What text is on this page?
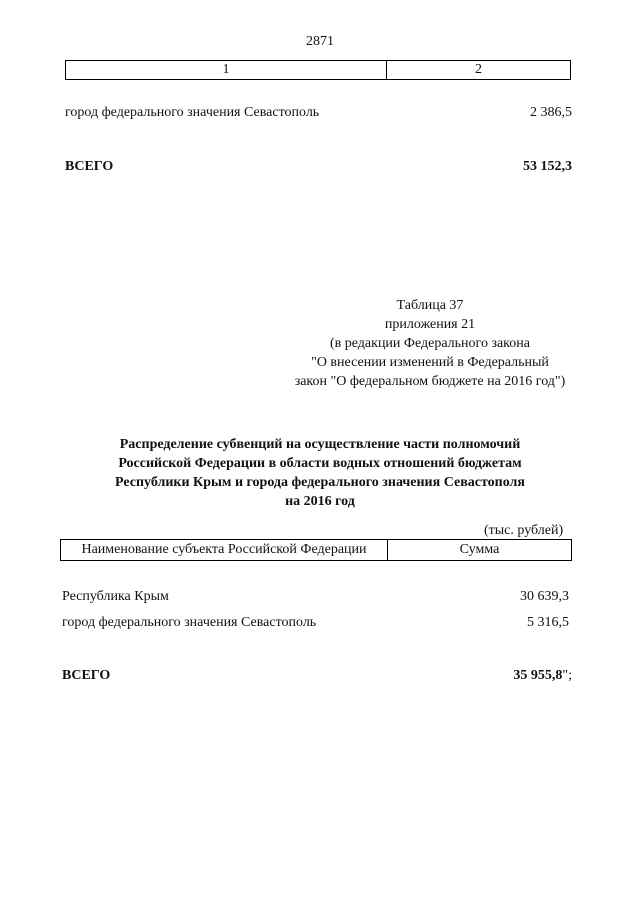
2871
1	2
город федерального значения Севастополь	2 386,5
ВСЕГО	53 152,3
Таблица 37
приложения 21
(в редакции Федерального закона
"О внесении изменений в Федеральный
закон "О федеральном бюджете на 2016 год")
Распределение субвенций на осуществление части полномочий
Российской Федерации в области водных отношений бюджетам
Республики Крым и города федерального значения Севастополя
на 2016 год
(тыс. рублей)
Наименование субъекта Российской Федерации	Сумма
Республика Крым	30 639,3
город федерального значения Севастополь	5 316,5
ВСЕГО	35 955,8";
